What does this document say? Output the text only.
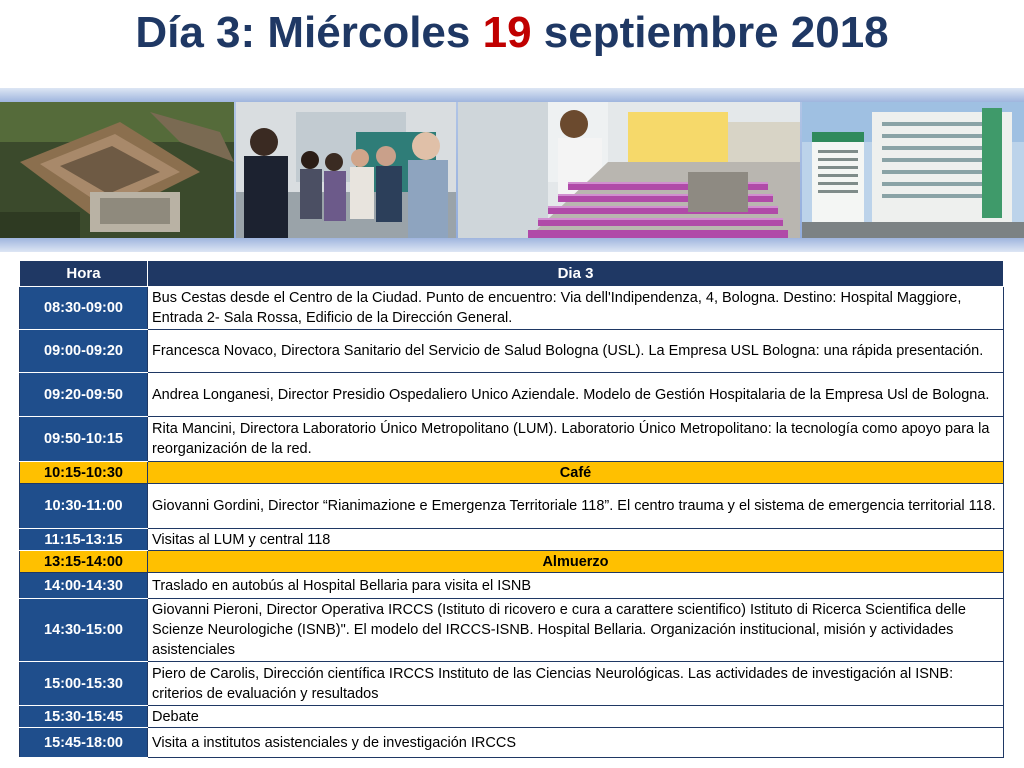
Día 3: Miércoles 19 septiembre 2018
Hora	Dia 3
08:30-09:00	Bus Cestas desde el Centro de la Ciudad. Punto de encuentro: Via dell'Indipendenza, 4, Bologna. Destino: Hospital Maggiore, Entrada 2- Sala Rossa, Edificio de la Dirección General.
09:00-09:20	Francesca Novaco, Directora Sanitario del Servicio de Salud Bologna (USL). La Empresa USL Bologna: una rápida presentación.
09:20-09:50	Andrea Longanesi, Director Presidio Ospedaliero Unico Aziendale. Modelo de Gestión Hospitalaria de la Empresa Usl de Bologna.
09:50-10:15	Rita Mancini, Directora Laboratorio Único Metropolitano (LUM). Laboratorio Único Metropolitano: la tecnología como apoyo para la reorganización de la red.
10:15-10:30	Café
10:30-11:00	Giovanni Gordini, Director “Rianimazione e Emergenza Territoriale 118”. El centro trauma y el sistema de emergencia territorial 118.
11:15-13:15	Visitas al LUM y central 118
13:15-14:00	Almuerzo
14:00-14:30	Traslado en autobús al Hospital Bellaria para visita el ISNB
14:30-15:00	Giovanni Pieroni, Director Operativa IRCCS (Istituto di ricovero e cura a carattere scientifico) Istituto di Ricerca Scientifica delle Scienze Neurologiche (ISNB)". El modelo del IRCCS-ISNB. Hospital Bellaria. Organización institucional, misión y actividades asistenciales
15:00-15:30	Piero de Carolis, Dirección científica IRCCS Instituto de las Ciencias Neurológicas. Las actividades de investigación al ISNB: criterios de evaluación y resultados
15:30-15:45	Debate
15:45-18:00	Visita a institutos asistenciales y de investigación IRCCS
